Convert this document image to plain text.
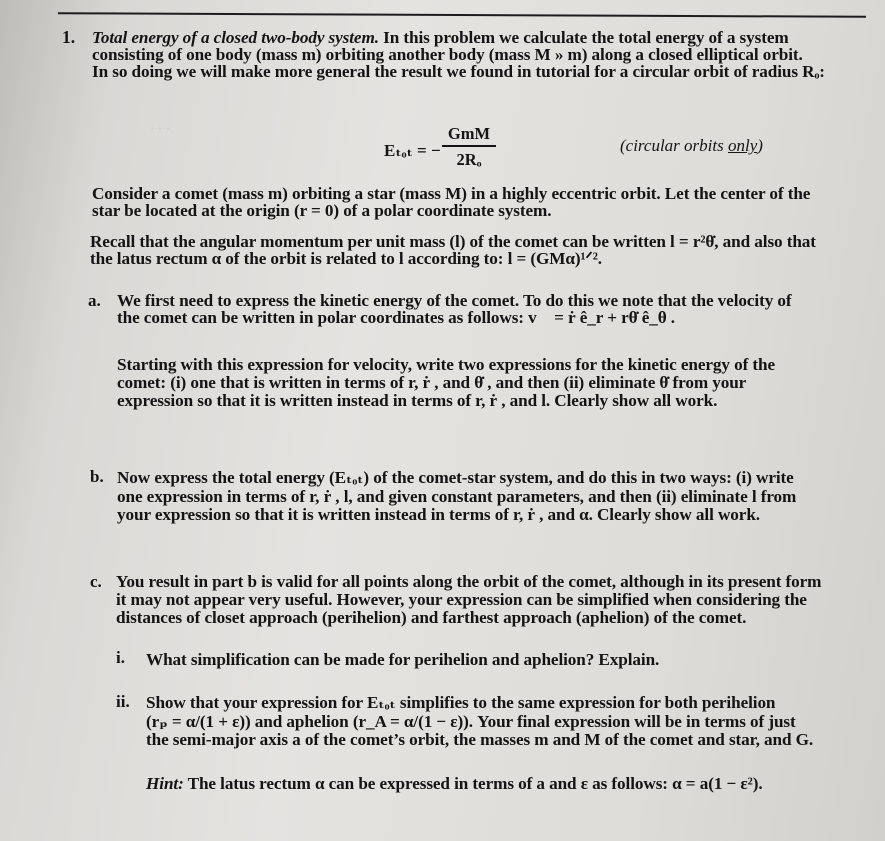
· · ·
1. Total energy of a closed two-body system. In this problem we calculate the total energy of a system
consisting of one body (mass m) orbiting another body (mass M » m) along a closed elliptical orbit.
In so doing we will make more general the result we found in tutorial for a circular orbit of radius Rₒ:
Eₜₒₜ = −
GmM
2Rₒ
(circular orbits only)
Consider a comet (mass m) orbiting a star (mass M) in a highly eccentric orbit. Let the center of the
star be located at the origin (r = 0) of a polar coordinate system.
Recall that the angular momentum per unit mass (l) of the comet can be written l = r²θ̇, and also that
the latus rectum α of the orbit is related to l according to: l = (GMα)¹ᐟ².
a. We first need to express the kinetic energy of the comet. To do this we note that the velocity of
the comet can be written in polar coordinates as follows: v⃗ = ṙ ê_r + rθ̇ ê_θ .
Starting with this expression for velocity, write two expressions for the kinetic energy of the
comet: (i) one that is written in terms of r, ṙ , and θ̇ , and then (ii) eliminate θ̇ from your
expression so that it is written instead in terms of r, ṙ , and l. Clearly show all work.
b. Now express the total energy (Eₜₒₜ) of the comet-star system, and do this in two ways: (i) write
one expression in terms of r, ṙ , l, and given constant parameters, and then (ii) eliminate l from
your expression so that it is written instead in terms of r, ṙ , and α. Clearly show all work.
c. You result in part b is valid for all points along the orbit of the comet, although in its present form
it may not appear very useful. However, your expression can be simplified when considering the
distances of closet approach (perihelion) and farthest approach (aphelion) of the comet.
i. What simplification can be made for perihelion and aphelion? Explain.
ii. Show that your expression for Eₜₒₜ simplifies to the same expression for both perihelion
(rₚ = α/(1 + ε)) and aphelion (r_A = α/(1 − ε)). Your final expression will be in terms of just
the semi-major axis a of the comet’s orbit, the masses m and M of the comet and star, and G.
Hint: The latus rectum α can be expressed in terms of a and ε as follows: α = a(1 − ε²).
